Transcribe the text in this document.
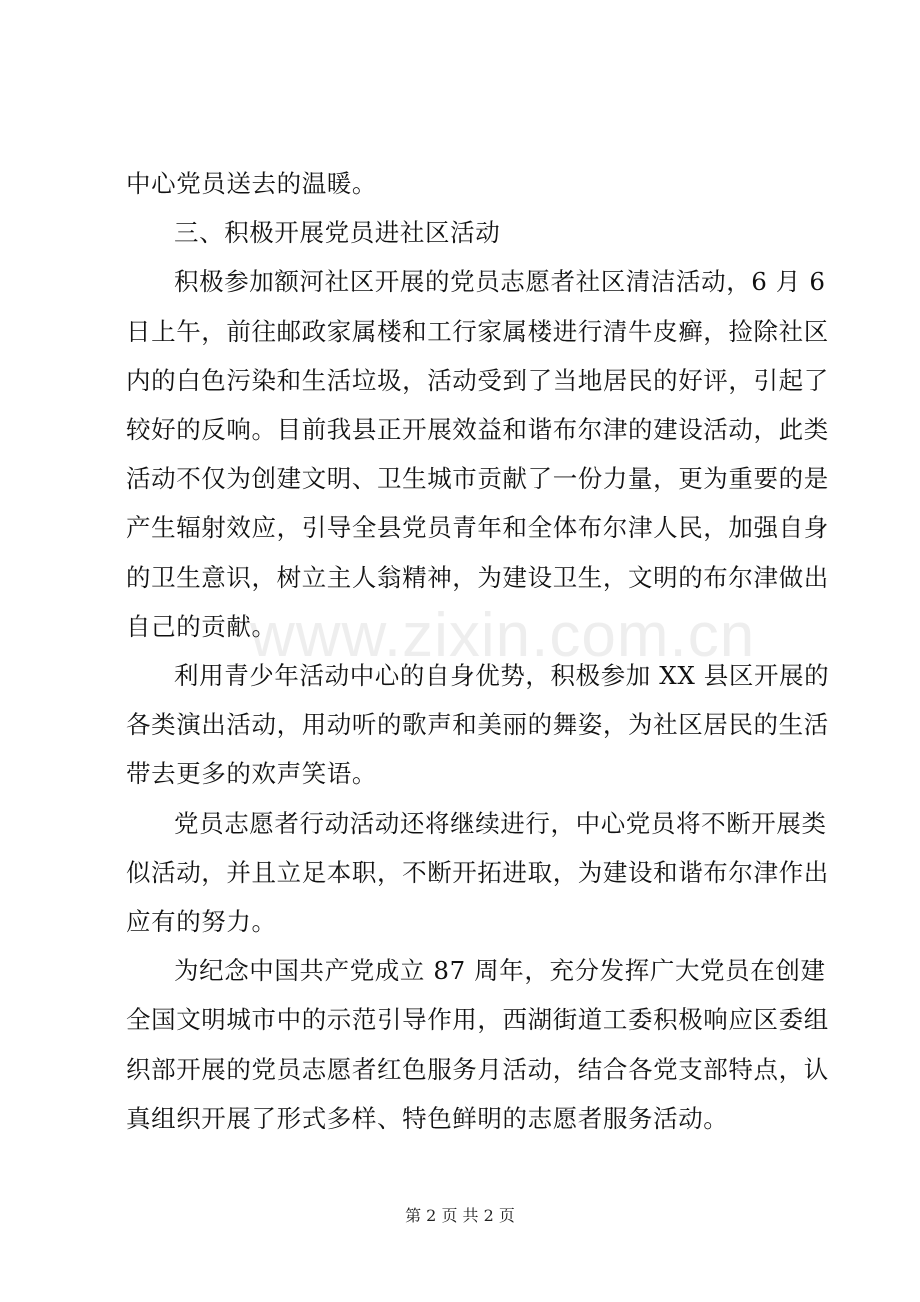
www.zixin.com.cn
中心党员送去的温暖。
三、积极开展党员进社区活动
积极参加额河社区开展的党员志愿者社区清洁活动，6 月 6
日上午，前往邮政家属楼和工行家属楼进行清牛皮癣，捡除社区
内的白色污染和生活垃圾，活动受到了当地居民的好评，引起了
较好的反响。目前我县正开展效益和谐布尔津的建设活动，此类
活动不仅为创建文明、卫生城市贡献了一份力量，更为重要的是
产生辐射效应，引导全县党员青年和全体布尔津人民，加强自身
的卫生意识，树立主人翁精神，为建设卫生，文明的布尔津做出
自己的贡献。
利用青少年活动中心的自身优势，积极参加 XX 县区开展的
各类演出活动，用动听的歌声和美丽的舞姿，为社区居民的生活
带去更多的欢声笑语。
党员志愿者行动活动还将继续进行，中心党员将不断开展类
似活动，并且立足本职，不断开拓进取，为建设和谐布尔津作出
应有的努力。
为纪念中国共产党成立 87 周年，充分发挥广大党员在创建
全国文明城市中的示范引导作用，西湖街道工委积极响应区委组
织部开展的党员志愿者红色服务月活动，结合各党支部特点，认
第 2 页 共 2 页
真组织开展了形式多样、特色鲜明的志愿者服务活动。
